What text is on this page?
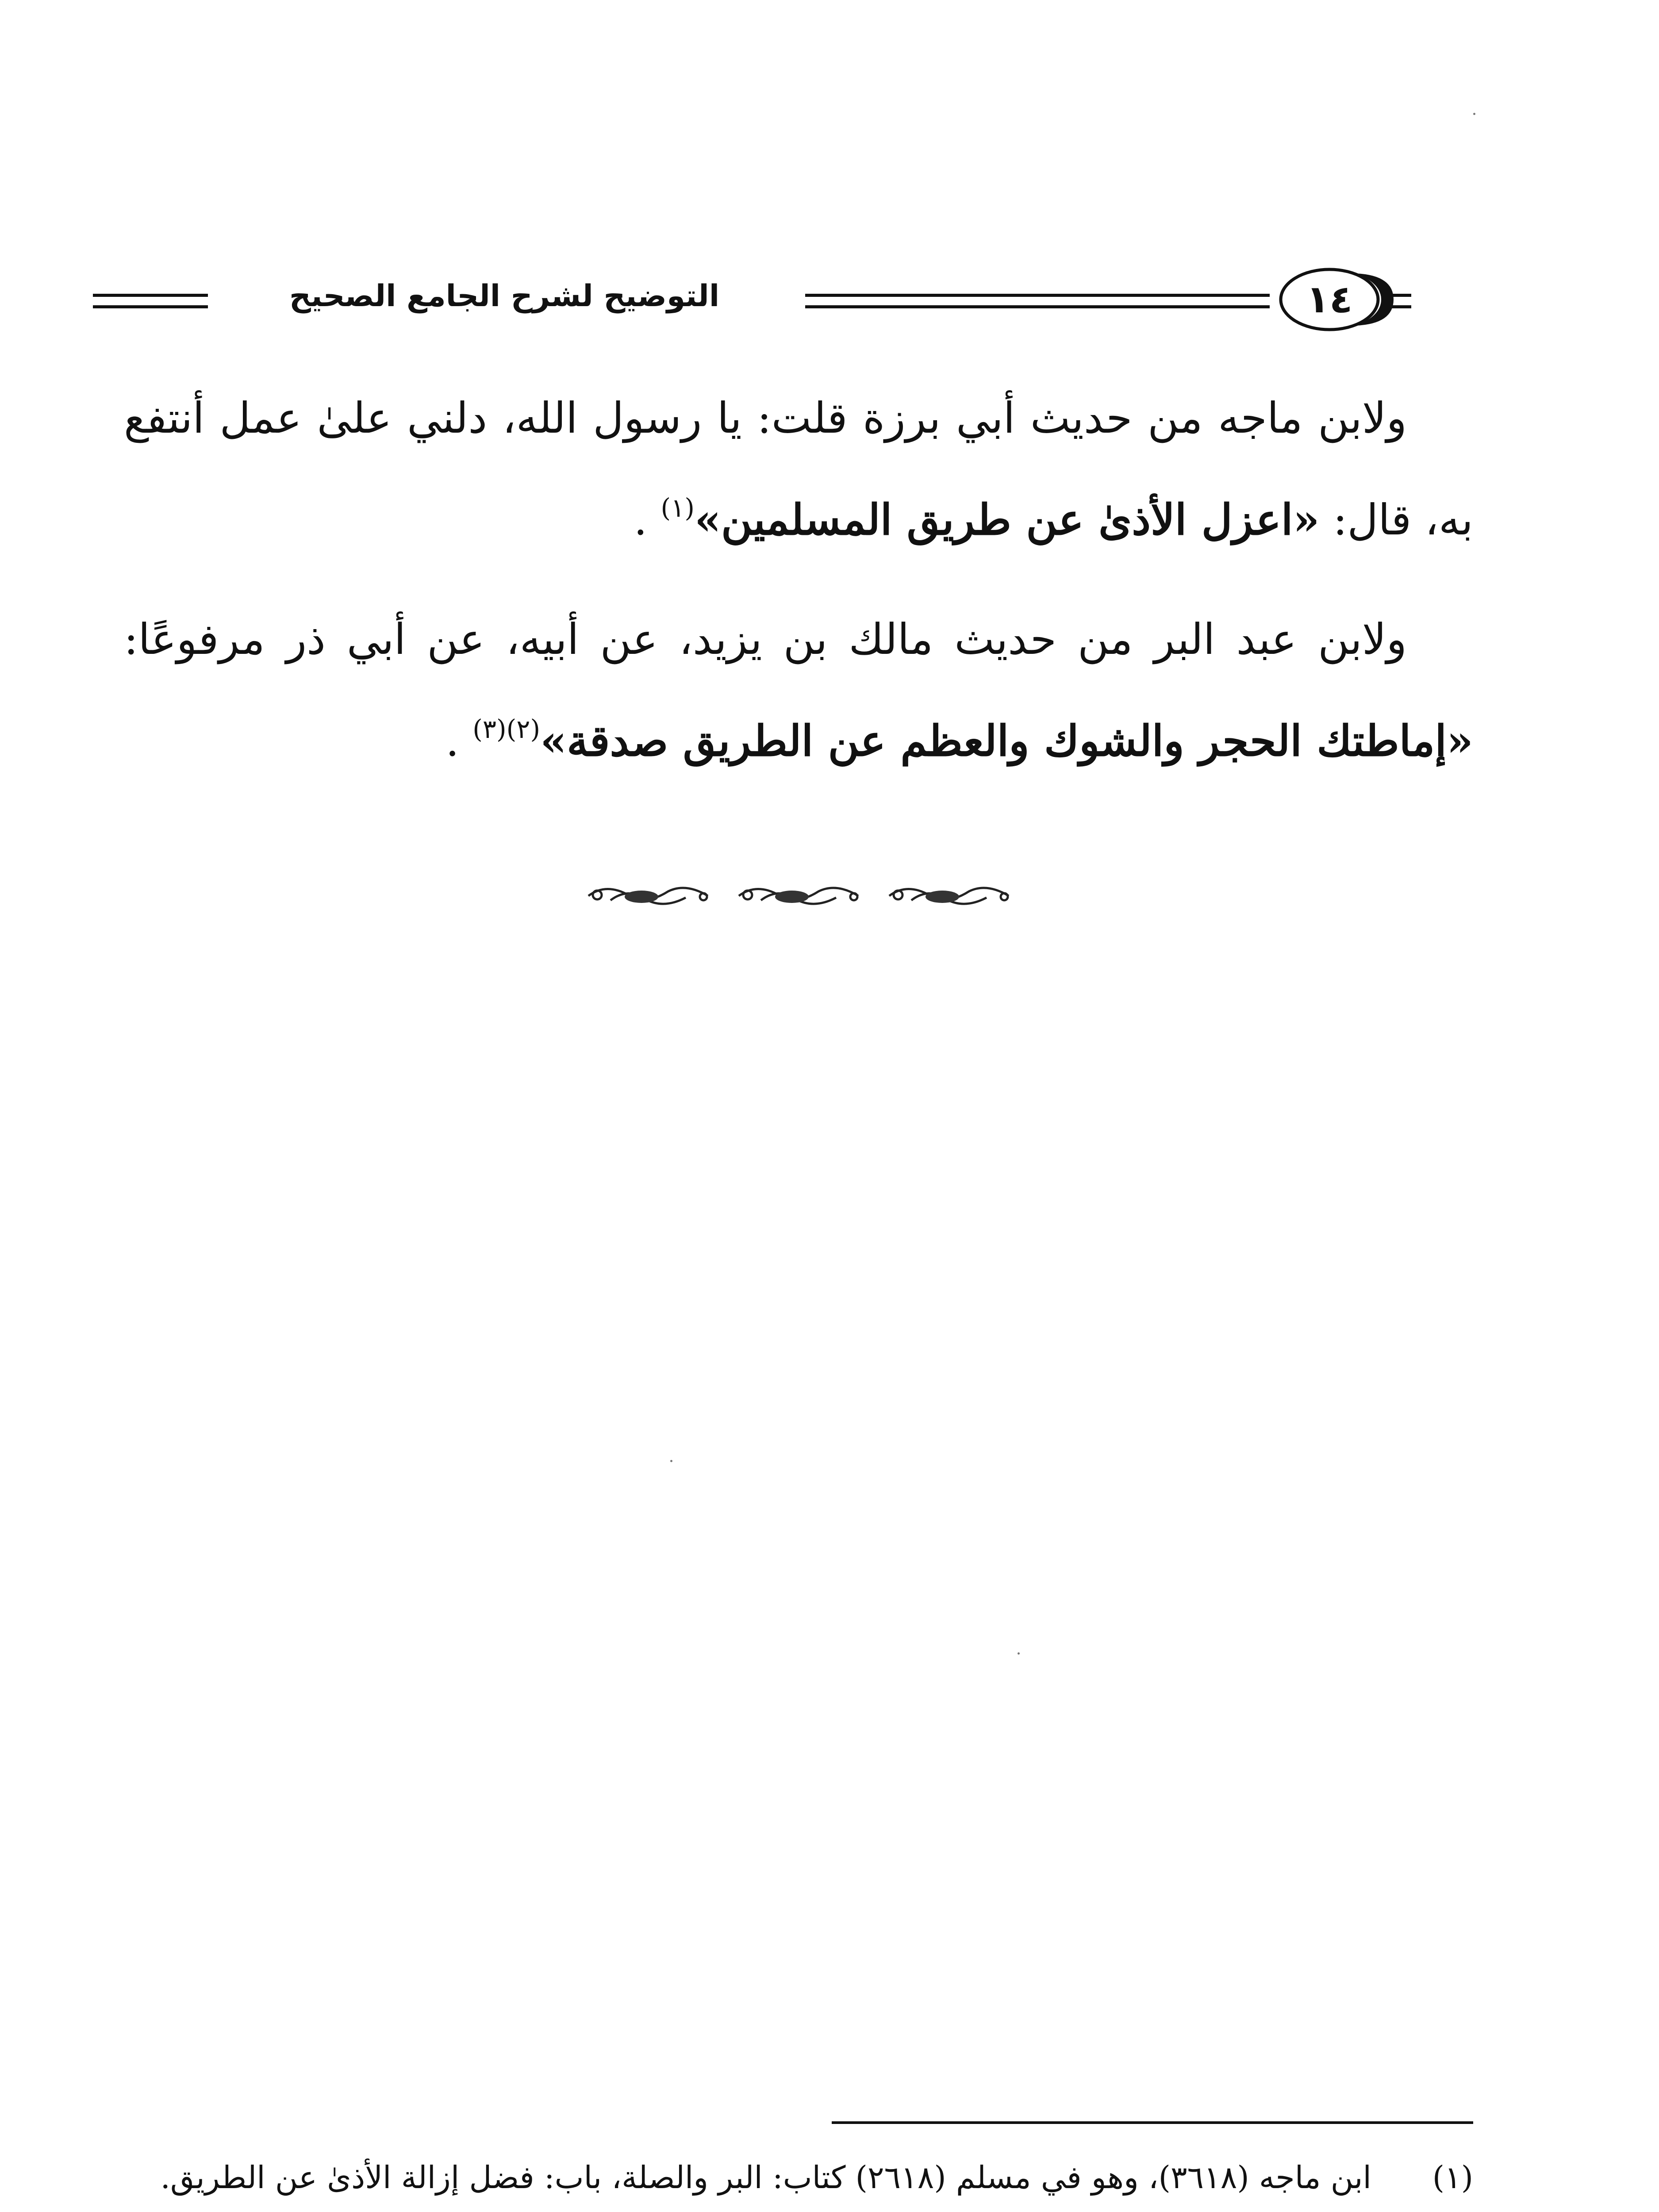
التوضيح لشرح الجامع الصحيح	١٤

ولابن ماجه من حديث أبي برزة قلت: يا رسول الله، دلني علىٰ عمل أنتفع به، قال: «اعزل الأذىٰ عن طريق المسلمين»$^{(١)}$ .

ولابن عبد البر من حديث مالك بن يزيد، عن أبيه، عن أبي ذر مرفوعًا: «إماطتك الحجر والشوك والعظم عن الطريق صدقة»$^{(٢)(٣)}$ .

(١)
ابن ماجه (٣٦١٨)، وهو في مسلم (٢٦١٨) كتاب: البر والصلة، باب: فضل إزالة الأذىٰ عن الطريق.
